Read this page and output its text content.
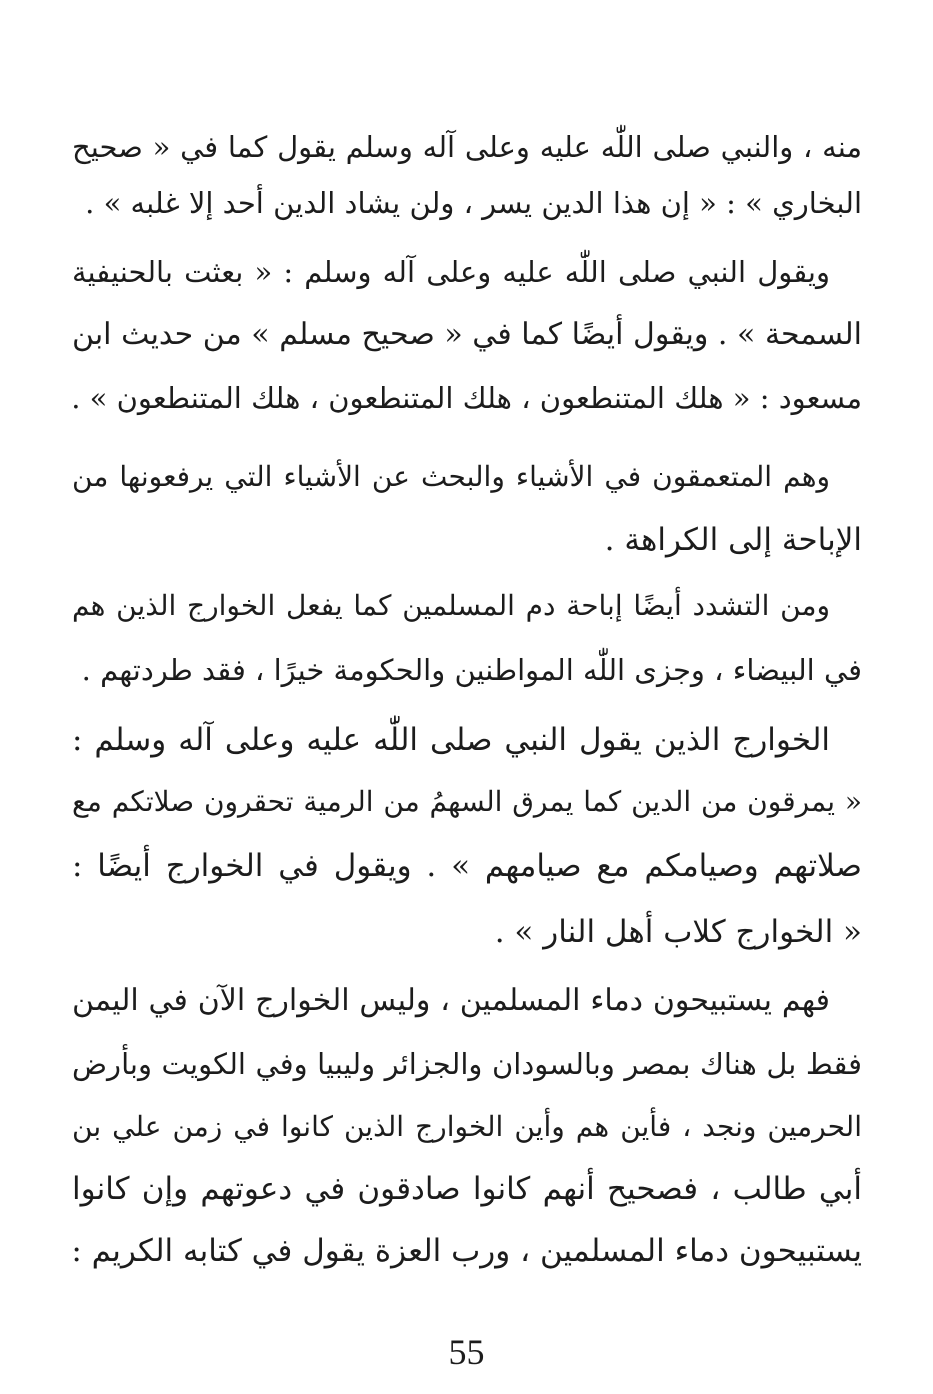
منه ، والنبي صلى اللّٰه عليه وعلى آله وسلم يقول كما في « صحيح
البخاري » : « إن هذا الدين يسر ، ولن يشاد الدين أحد إلا غلبه » .
ويقول النبي صلى اللّٰه عليه وعلى آله وسلم : « بعثت بالحنيفية
السمحة » . ويقول أيضًا كما في « صحيح مسلم » من حديث ابن
مسعود : « هلك المتنطعون ، هلك المتنطعون ، هلك المتنطعون » .
وهم المتعمقون في الأشياء والبحث عن الأشياء التي يرفعونها من
الإباحة إلى الكراهة .
ومن التشدد أيضًا إباحة دم المسلمين كما يفعل الخوارج الذين هم
في البيضاء ، وجزى اللّٰه المواطنين والحكومة خيرًا ، فقد طردتهم .
الخوارج الذين يقول النبي صلى اللّٰه عليه وعلى آله وسلم :
« يمرقون من الدين كما يمرق السهمُ من الرمية تحقرون صلاتكم مع
صلاتهم وصيامكم مع صيامهم » . ويقول في الخوارج أيضًا :
« الخوارج كلاب أهل النار » .
فهم يستبيحون دماء المسلمين ، وليس الخوارج الآن في اليمن
فقط بل هناك بمصر وبالسودان والجزائر وليبيا وفي الكويت وبأرض
الحرمين ونجد ، فأين هم وأين الخوارج الذين كانوا في زمن علي بن
أبي طالب ، فصحيح أنهم كانوا صادقون في دعوتهم وإن كانوا
يستبيحون دماء المسلمين ، ورب العزة يقول في كتابه الكريم :
55
